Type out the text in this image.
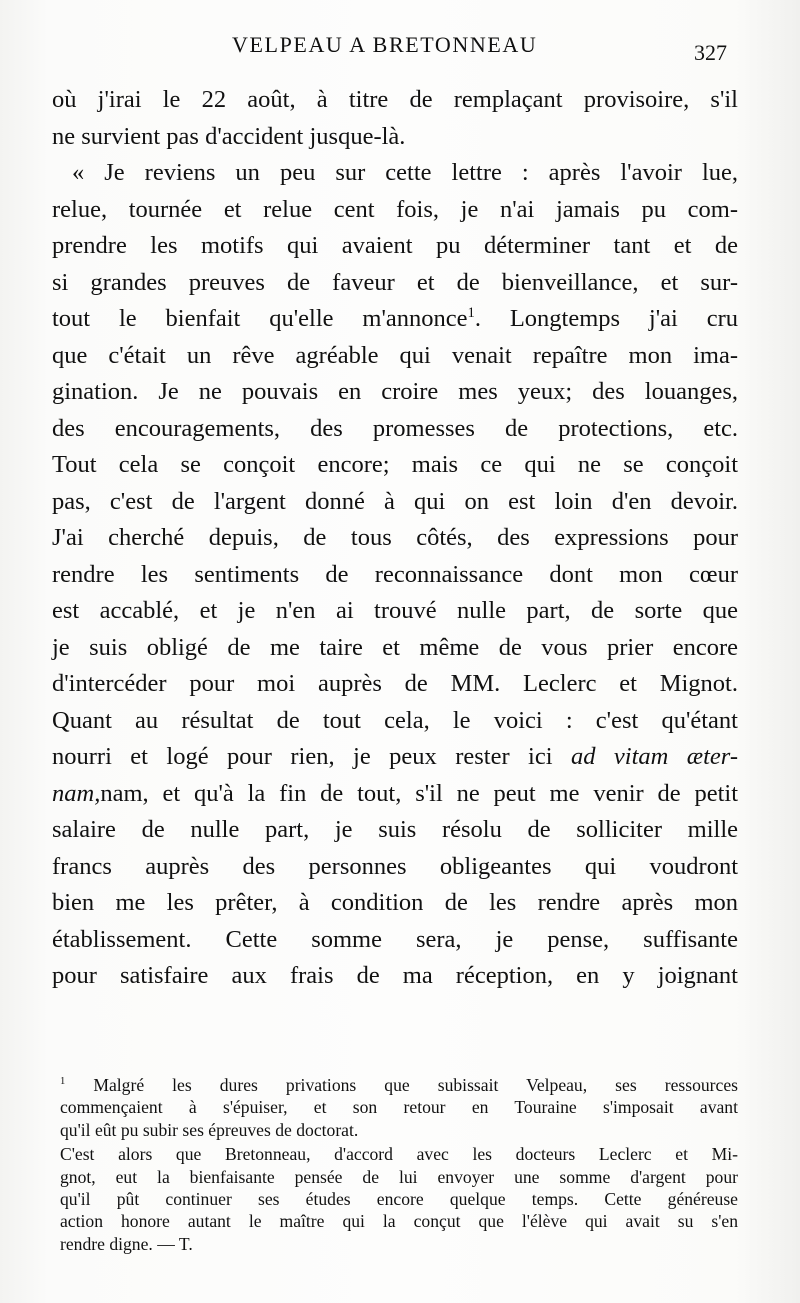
VELPEAU A BRETONNEAU	327
où j'irai le 22 août, à titre de remplaçant provisoire, s'il
ne survient pas d'accident jusque-là.
« Je reviens un peu sur cette lettre : après l'avoir lue,
relue, tournée et relue cent fois, je n'ai jamais pu com-
prendre les motifs qui avaient pu déterminer tant et de
si grandes preuves de faveur et de bienveillance, et sur-
tout le bienfait qu'elle m'annonce$^1$. Longtemps j'ai cru
que c'était un rêve agréable qui venait repaître mon ima-
gination. Je ne pouvais en croire mes yeux; des louanges,
des encouragements, des promesses de protections, etc.
Tout cela se conçoit encore; mais ce qui ne se conçoit
pas, c'est de l'argent donné à qui on est loin d'en devoir.
J'ai cherché depuis, de tous côtés, des expressions pour
rendre les sentiments de reconnaissance dont mon cœur
est accablé, et je n'en ai trouvé nulle part, de sorte que
je suis obligé de me taire et même de vous prier encore
d'intercéder pour moi auprès de MM. Leclerc et Mignot.
Quant au résultat de tout cela, le voici : c'est qu'étant
nourri et logé pour rien, je peux rester ici ad vitam æter-
nam,nam, et qu'à la fin de tout, s'il ne peut me venir de petit
salaire de nulle part, je suis résolu de solliciter mille
francs auprès des personnes obligeantes qui voudront
bien me les prêter, à condition de les rendre après mon
établissement. Cette somme sera, je pense, suffisante
pour satisfaire aux frais de ma réception, en y joignant
$^1$ Malgré les dures privations que subissait Velpeau, ses ressources
commençaient à s'épuiser, et son retour en Touraine s'imposait avant
qu'il eût pu subir ses épreuves de doctorat.
C'est alors que Bretonneau, d'accord avec les docteurs Leclerc et Mi-
gnot, eut la bienfaisante pensée de lui envoyer une somme d'argent pour
qu'il pût continuer ses études encore quelque temps. Cette généreuse
action honore autant le maître qui la conçut que l'élève qui avait su s'en
rendre digne. — T.
